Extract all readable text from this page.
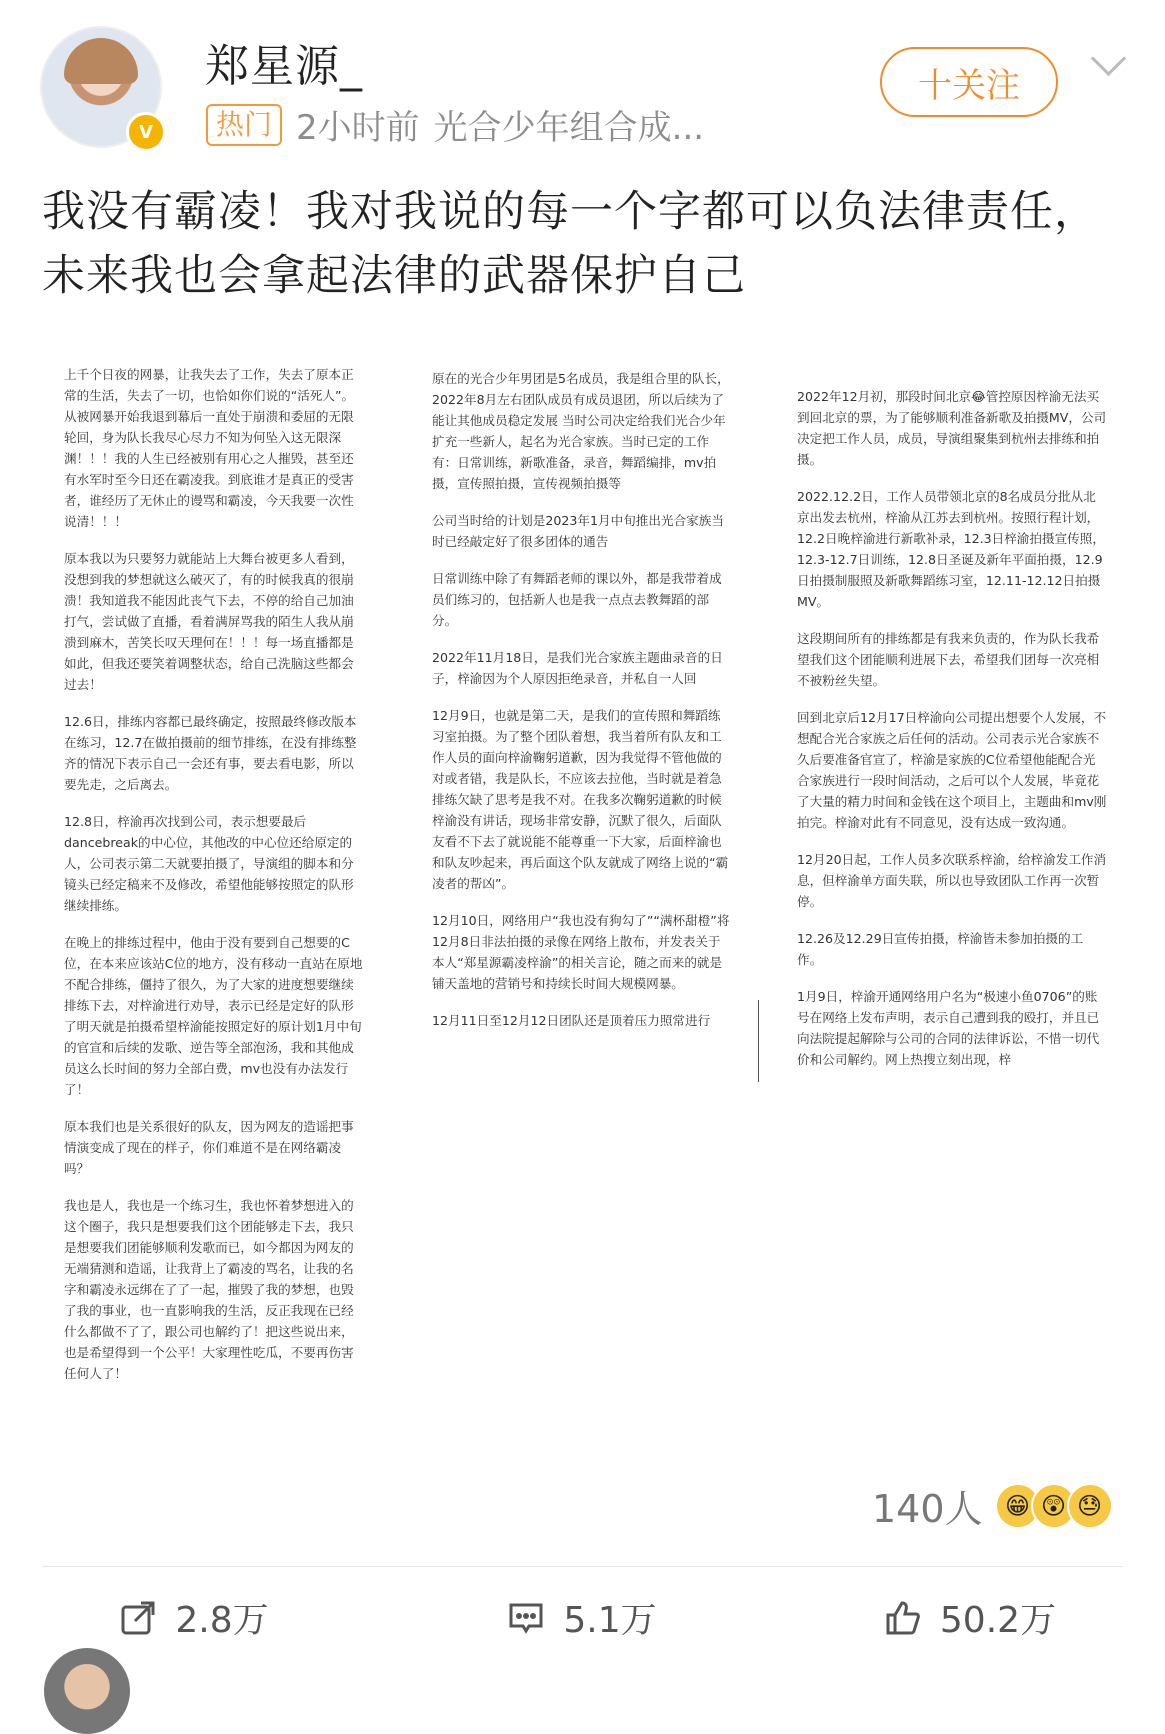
V
郑星源_
热门 2小时前 光合少年组合成...
十关注
我没有霸凌！我对我说的每一个字都可以负法律责任，未来我也会拿起法律的武器保护自己

上千个日夜的网暴，让我失去了工作，失去了原本正常的生活，失去了一切，也恰如你们说的“活死人”。从被网暴开始我退到幕后一直处于崩溃和委屈的无限轮回，身为队长我尽心尽力不知为何坠入这无限深渊！！！我的人生已经被别有用心之人摧毁，甚至还有水军时至今日还在霸凌我。到底谁才是真正的受害者，谁经历了无休止的谩骂和霸凌，今天我要一次性说清！！！

原本我以为只要努力就能站上大舞台被更多人看到，没想到我的梦想就这么破灭了，有的时候我真的很崩溃！我知道我不能因此丧气下去，不停的给自己加油打气，尝试做了直播，看着满屏骂我的陌生人我从崩溃到麻木，苦笑长叹天理何在！！！每一场直播都是如此，但我还要笑着调整状态，给自己洗脑这些都会过去！

12.6日，排练内容都已最终确定，按照最终修改版本在练习，12.7在做拍摄前的细节排练，在没有排练整齐的情况下表示自己一会还有事，要去看电影，所以要先走，之后离去。

12.8日，梓渝再次找到公司，表示想要最后dancebreak的中心位，其他改的中心位还给原定的人，公司表示第二天就要拍摄了，导演组的脚本和分镜头已经定稿来不及修改，希望他能够按照定的队形继续排练。

在晚上的排练过程中，他由于没有要到自己想要的C位，在本来应该站C位的地方，没有移动一直站在原地不配合排练，僵持了很久，为了大家的进度想要继续排练下去，对梓渝进行劝导，表示已经是定好的队形了明天就是拍摄希望梓渝能按照定好的原计划1月中旬的官宣和后续的发歌、逆告等全部泡汤，我和其他成员这么长时间的努力全部白费，mv也没有办法发行了！

原本我们也是关系很好的队友，因为网友的造谣把事情演变成了现在的样子，你们难道不是在网络霸凌吗？

我也是人，我也是一个练习生，我也怀着梦想进入的这个圈子，我只是想要我们这个团能够走下去，我只是想要我们团能够顺利发歌而已，如今都因为网友的无端猜测和造谣，让我背上了霸凌的骂名，让我的名字和霸凌永远绑在了了一起，摧毁了我的梦想，也毁了我的事业，也一直影响我的生活，反正我现在已经什么都做不了了，跟公司也解约了！把这些说出来，也是希望得到一个公平！大家理性吃瓜，不要再伤害任何人了！

原在的光合少年男团是5名成员，我是组合里的队长，2022年8月左右团队成员有成员退团，所以后续为了能让其他成员稳定发展 当时公司决定给我们光合少年扩充一些新人，起名为光合家族。当时已定的工作有：日常训练，新歌准备，录音，舞蹈编排，mv拍摄，宣传照拍摄，宣传视频拍摄等

公司当时给的计划是2023年1月中旬推出光合家族当时已经敲定好了很多团体的通告

日常训练中除了有舞蹈老师的课以外，都是我带着成员们练习的，包括新人也是我一点点去教舞蹈的部分。

2022年11月18日，是我们光合家族主题曲录音的日子，梓渝因为个人原因拒绝录音，并私自一人回

12月9日，也就是第二天，是我们的宣传照和舞蹈练习室拍摄。为了整个团队着想，我当着所有队友和工作人员的面向梓渝鞠躬道歉，因为我觉得不管他做的对或者错，我是队长，不应该去拉他，当时就是着急排练欠缺了思考是我不对。在我多次鞠躬道歉的时候梓渝没有讲话，现场非常安静，沉默了很久，后面队友看不下去了就说能不能尊重一下大家，后面梓渝也和队友吵起来，再后面这个队友就成了网络上说的“霸凌者的帮凶”。

12月10日，网络用户“我也没有狗勾了”“满杯甜橙”将12月8日非法拍摄的录像在网络上散布，并发表关于本人“郑星源霸凌梓渝”的相关言论，随之而来的就是铺天盖地的营销号和持续长时间大规模网暴。

12月11日至12月12日团队还是顶着压力照常进行

2022年12月初，那段时间北京😂管控原因梓渝无法买到回北京的票，为了能够顺利准备新歌及拍摄MV，公司决定把工作人员，成员，导演组聚集到杭州去排练和拍摄。

2022.12.2日，工作人员带领北京的8名成员分批从北京出发去杭州，梓渝从江苏去到杭州。按照行程计划，12.2日晚梓渝进行新歌补录，12.3日梓渝拍摄宣传照，12.3-12.7日训练，12.8日圣诞及新年平面拍摄，12.9日拍摄制服照及新歌舞蹈练习室，12.11-12.12日拍摄MV。

这段期间所有的排练都是有我来负责的，作为队长我希望我们这个团能顺利进展下去，希望我们团每一次亮相不被粉丝失望。

回到北京后12月17日梓渝向公司提出想要个人发展，不想配合光合家族之后任何的活动。公司表示光合家族不久后要准备官宣了，梓渝是家族的C位希望他能配合光合家族进行一段时间活动，之后可以个人发展，毕竟花了大量的精力时间和金钱在这个项目上，主题曲和mv刚拍完。梓渝对此有不同意见，没有达成一致沟通。

12月20日起，工作人员多次联系梓渝，给梓渝发工作消息，但梓渝单方面失联，所以也导致团队工作再一次暂停。

12.26及12.29日宣传拍摄，梓渝皆未参加拍摄的工作。

1月9日，梓渝开通网络用户名为“极速小鱼0706”的账号在网络上发布声明，表示自己遭到我的殴打，并且已向法院提起解除与公司的合同的法律诉讼，不惜一切代价和公司解约。网上热搜立刻出现，梓

140人 😁 😲 😓
2.8万	5.1万	50.2万
